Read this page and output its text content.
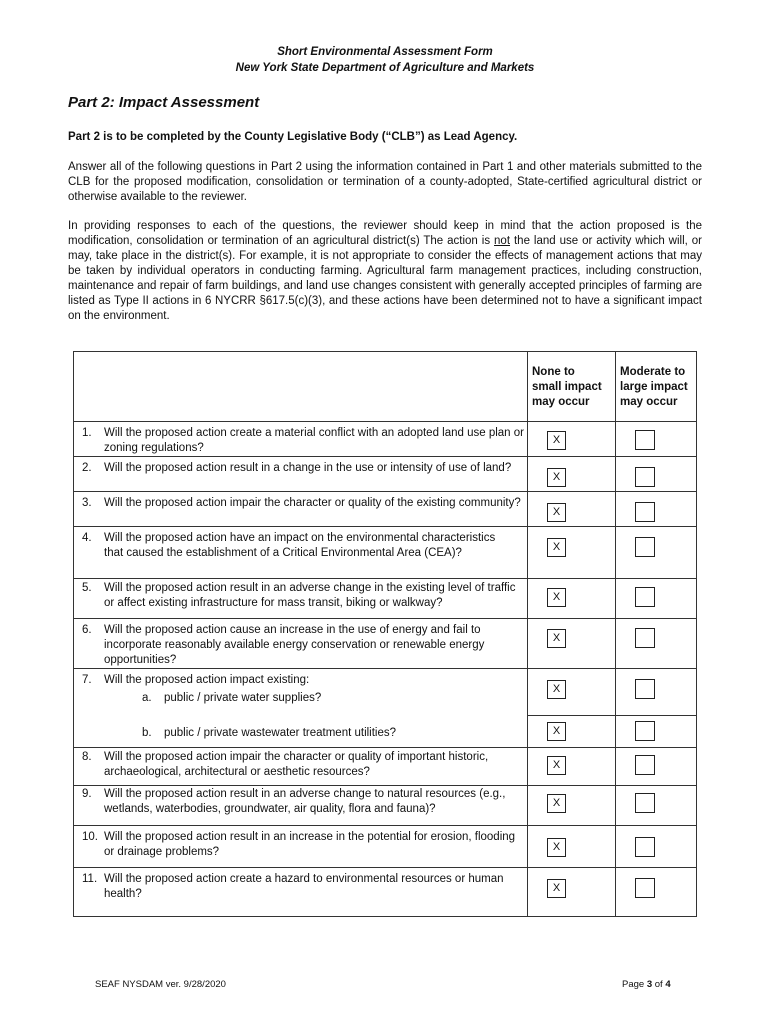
Short Environmental Assessment Form
New York State Department of Agriculture and Markets
Part 2: Impact Assessment
Part 2 is to be completed by the County Legislative Body (“CLB”) as Lead Agency.
Answer all of the following questions in Part 2 using the information contained in Part 1 and other materials submitted to the CLB for the proposed modification, consolidation or termination of a county-adopted, State-certified agricultural district or otherwise available to the reviewer.
In providing responses to each of the questions, the reviewer should keep in mind that the action proposed is the modification, consolidation or termination of an agricultural district(s) The action is not the land use or activity which will, or may, take place in the district(s). For example, it is not appropriate to consider the effects of management actions that may be taken by individual operators in conducting farming. Agricultural farm management practices, including construction, maintenance and repair of farm buildings, and land use changes consistent with generally accepted principles of farming are listed as Type II actions in 6 NYCRR §617.5(c)(3), and these actions have been determined not to have a significant impact on the environment.
None to
small impact
may occur
Moderate to
large impact
may occur
1.	Will the proposed action create a material conflict with an adopted land use plan or zoning regulations?
X
2.	Will the proposed action result in a change in the use or intensity of use of land?
X
3.	Will the proposed action impair the character or quality of the existing community?
X
4.	Will the proposed action have an impact on the environmental characteristics that caused the establishment of a Critical Environmental Area (CEA)?	X
5.	Will the proposed action result in an adverse change in the existing level of traffic or affect existing infrastructure for mass transit, biking or walkway?	X
6.	Will the proposed action cause an increase in the use of energy and fail to incorporate reasonably available energy conservation or renewable energy opportunities?
X
7.	Will the proposed action impact existing:
a. public / private water supplies?
X
b. public / private wastewater treatment utilities?	X
8.	Will the proposed action impair the character or quality of important historic, archaeological, architectural or aesthetic resources?
X
9.	Will the proposed action result in an adverse change to natural resources (e.g., wetlands, waterbodies, groundwater, air quality, flora and fauna)?	X
10. Will the proposed action result in an increase in the potential for erosion, flooding or drainage problems?	X
11. Will the proposed action create a hazard to environmental resources or human health?	X
SEAF NYSDAM ver. 9/28/2020	Page 3 of 4
